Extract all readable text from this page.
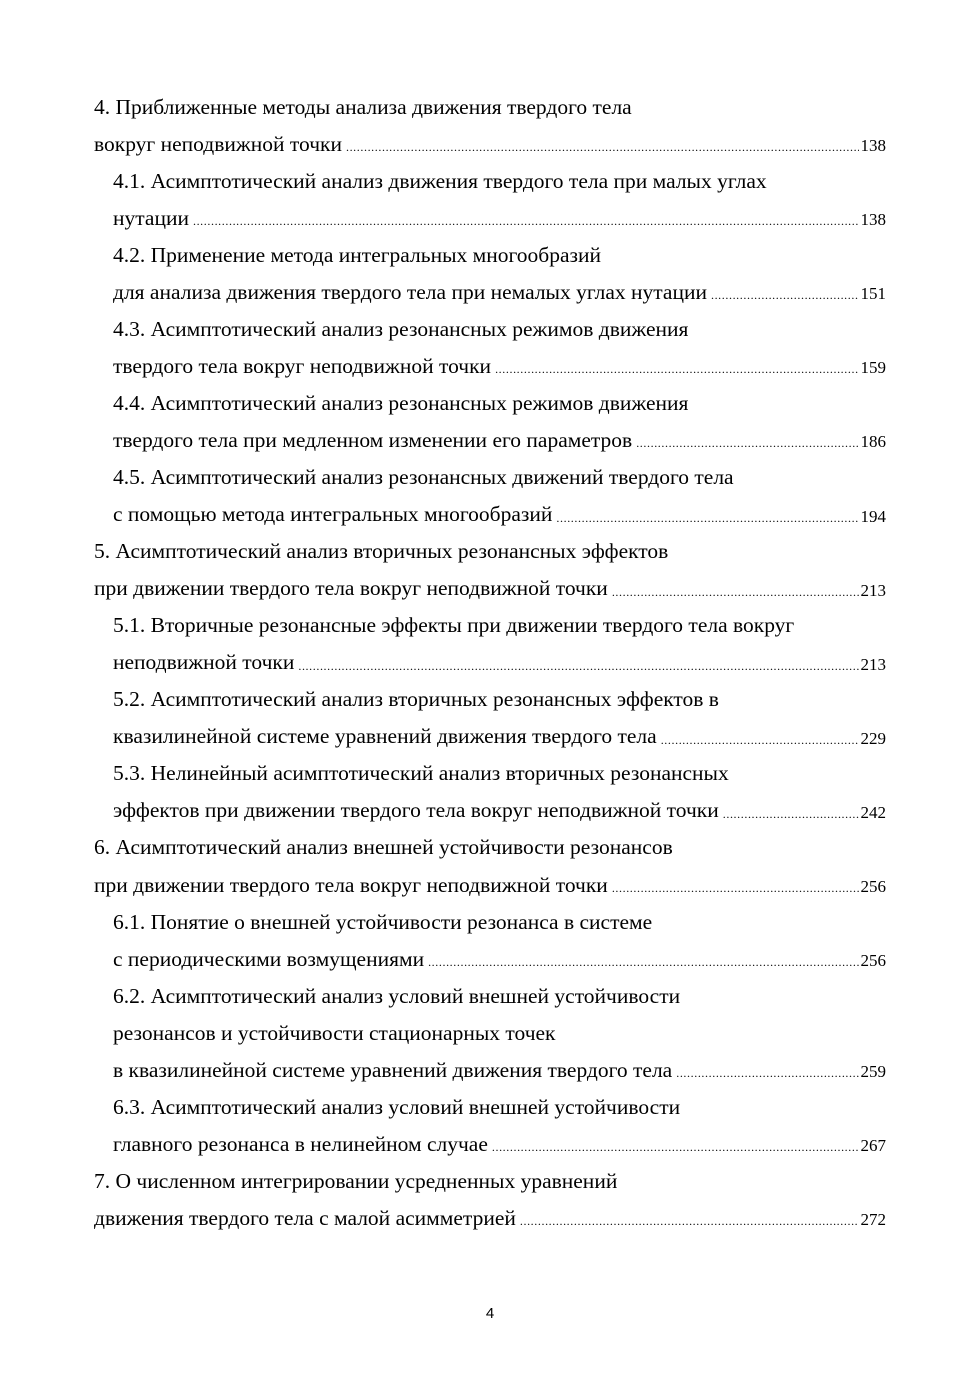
4. Приближенные методы анализа движения твердого тела
вокруг неподвижной точки .....	138
4.1. Асимптотический анализ движения твердого тела при малых углах
нутации .....	138
4.2. Применение метода интегральных многообразий
для анализа движения твердого тела при немалых углах нутации .....	151
4.3. Асимптотический анализ резонансных режимов движения
твердого тела вокруг неподвижной точки .....	159
4.4. Асимптотический анализ резонансных режимов движения
твердого тела при медленном изменении его параметров .....	186
4.5. Асимптотический анализ резонансных движений твердого тела
с помощью метода интегральных многообразий .....	194
5. Асимптотический анализ вторичных резонансных эффектов
при движении твердого тела вокруг неподвижной точки .....	213
5.1. Вторичные резонансные эффекты при движении твердого тела вокруг
неподвижной точки .....	213
5.2. Асимптотический анализ вторичных резонансных эффектов в
квазилинейной системе уравнений движения твердого тела .....	229
5.3. Нелинейный асимптотический анализ вторичных резонансных
эффектов при движении твердого тела вокруг неподвижной точки .....	242
6. Асимптотический анализ внешней устойчивости резонансов
при движении твердого тела вокруг неподвижной точки .....	256
6.1. Понятие о внешней устойчивости резонанса в системе
с периодическими возмущениями .....	256
6.2. Асимптотический анализ условий внешней устойчивости
резонансов и устойчивости стационарных точек
в квазилинейной системе уравнений движения твердого тела .....	259
6.3. Асимптотический анализ условий внешней устойчивости
главного резонанса в нелинейном случае .....	267
7. О численном интегрировании усредненных уравнений
движения твердого тела с малой асимметрией .....	272
4
